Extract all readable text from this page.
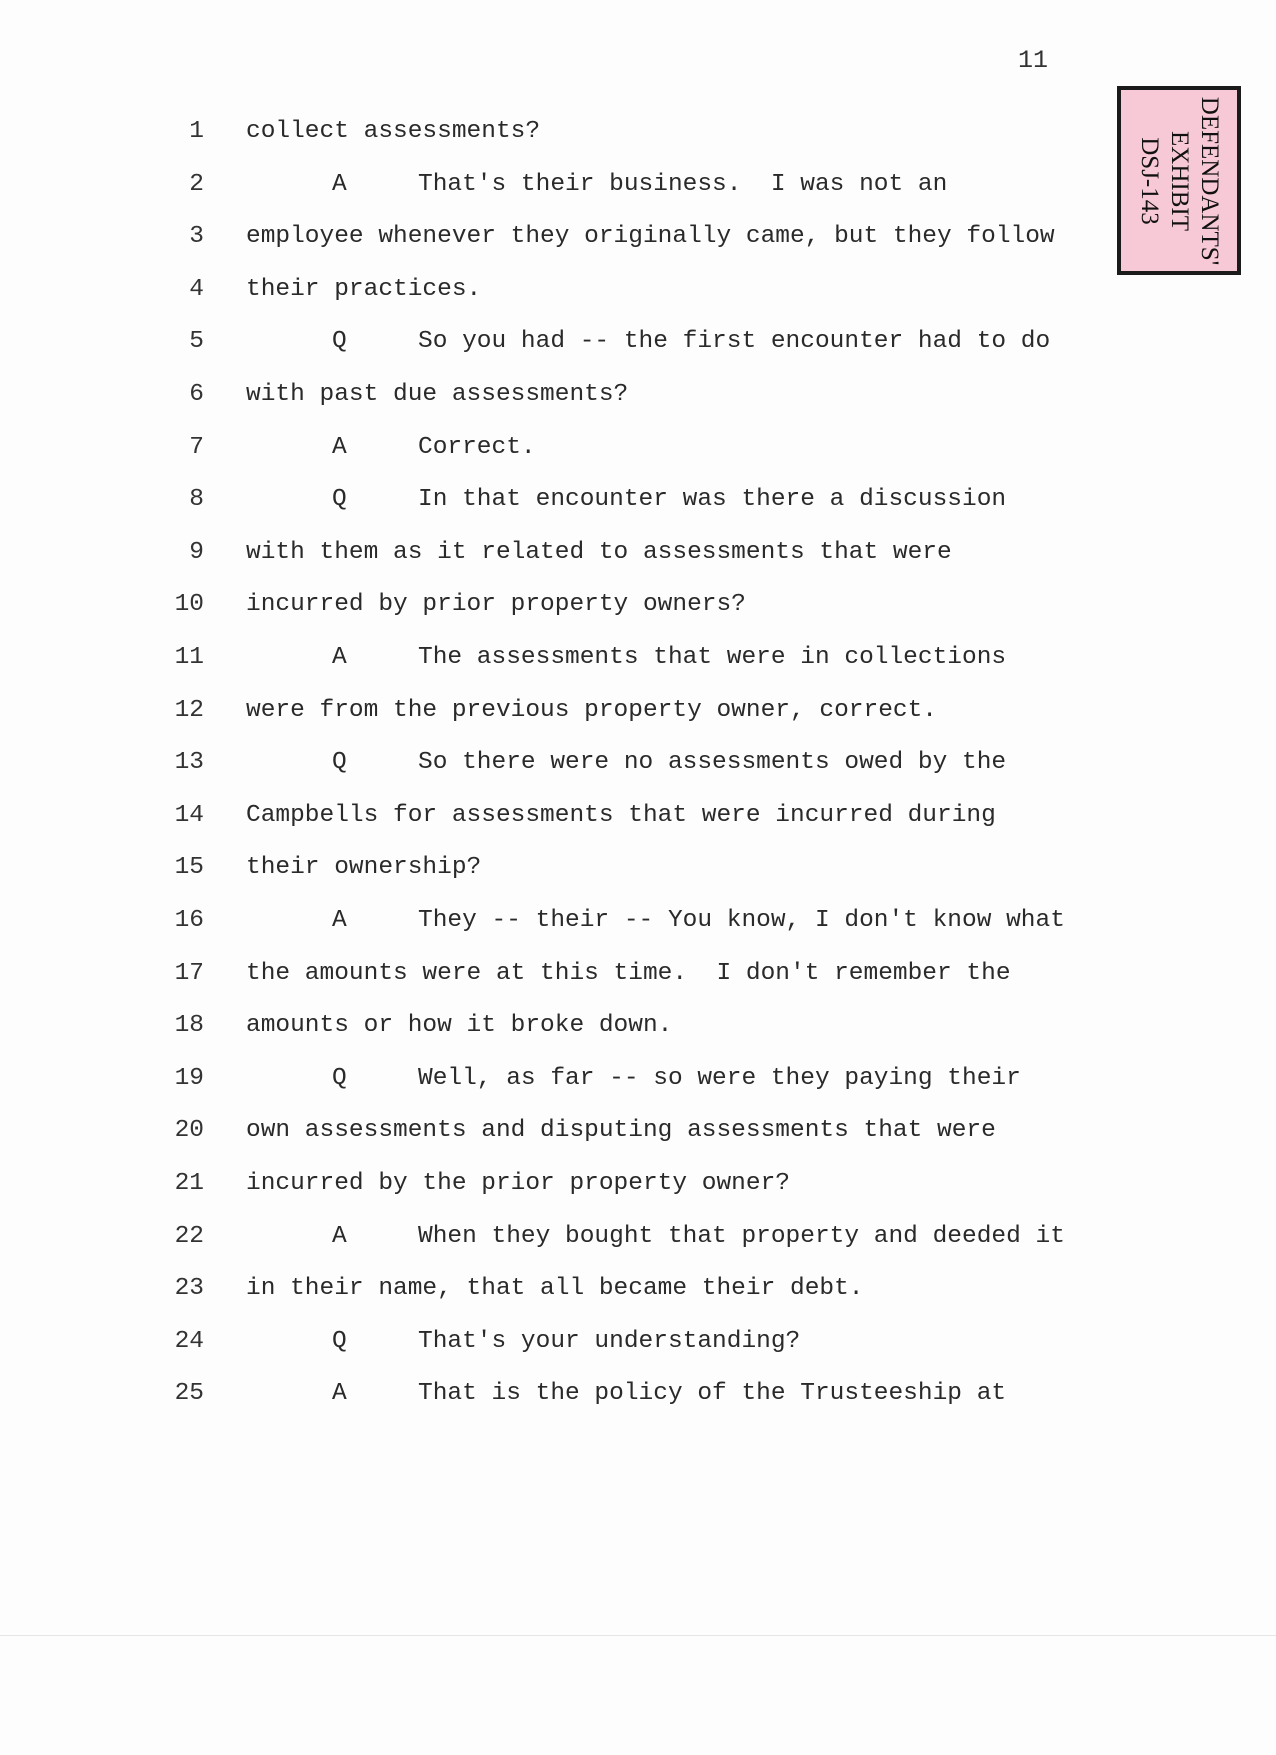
11
DEFENDANTS'
EXHIBIT
DSJ-143
1 collect assessments?
2	A	That's their business.  I was not an
3 employee whenever they originally came, but they follow
4 their practices.
5	Q	So you had -- the first encounter had to do
6 with past due assessments?
7	A	Correct.
8	Q	In that encounter was there a discussion
9 with them as it related to assessments that were
10 incurred by prior property owners?
11	A	The assessments that were in collections
12 were from the previous property owner, correct.
13	Q	So there were no assessments owed by the
14 Campbells for assessments that were incurred during
15 their ownership?
16	A	They -- their -- You know, I don't know what
17 the amounts were at this time.  I don't remember the
18 amounts or how it broke down.
19	Q	Well, as far -- so were they paying their
20 own assessments and disputing assessments that were
21 incurred by the prior property owner?
22	A	When they bought that property and deeded it
23 in their name, that all became their debt.
24	Q	That's your understanding?
25	A	That is the policy of the Trusteeship at
